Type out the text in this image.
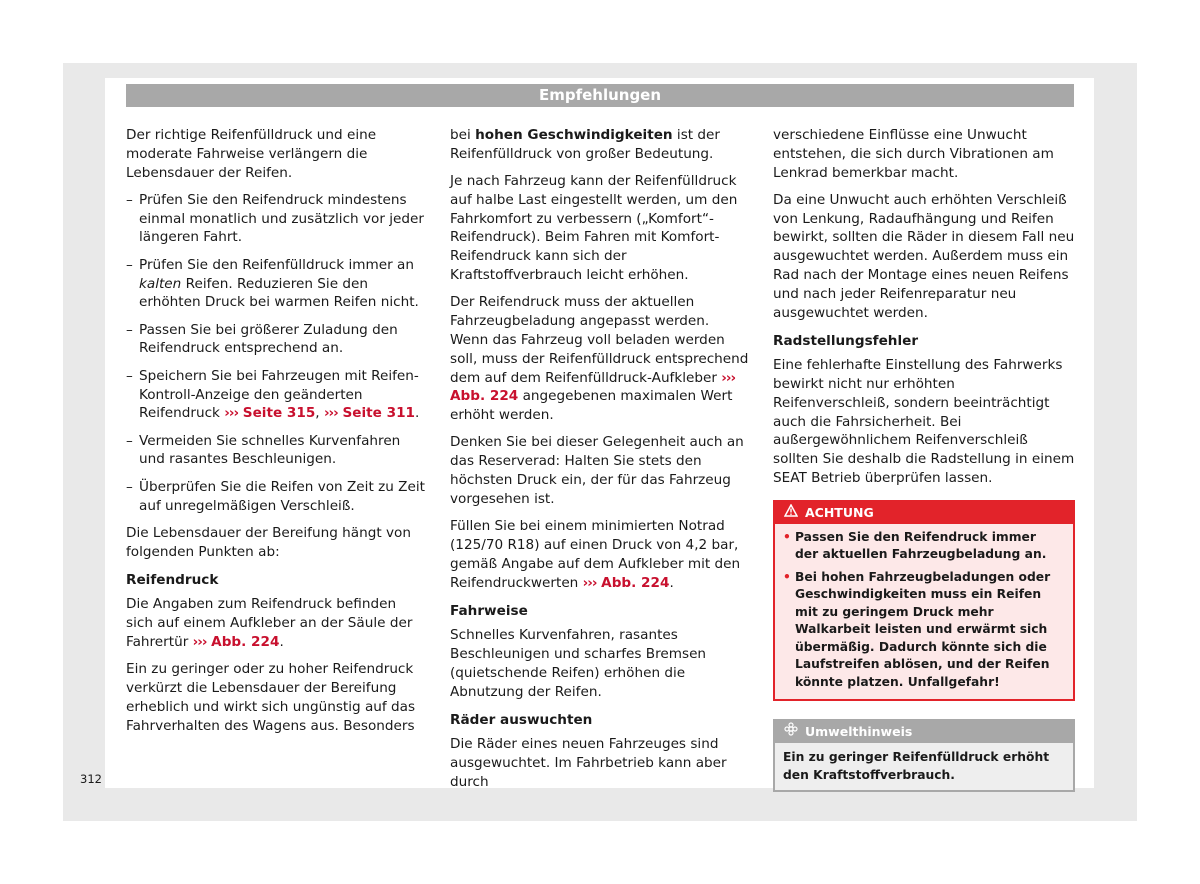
Empfehlungen

Der richtige Reifenfülldruck und eine moderate Fahrweise verlängern die Lebensdauer der Reifen.

– Prüfen Sie den Reifendruck mindestens einmal monatlich und zusätzlich vor jeder längeren Fahrt.
– Prüfen Sie den Reifenfülldruck immer an kalten Reifen. Reduzieren Sie den erhöhten Druck bei warmen Reifen nicht.
– Passen Sie bei größerer Zuladung den Reifendruck entsprechend an.
– Speichern Sie bei Fahrzeugen mit Reifen-Kontroll-Anzeige den geänderten Reifendruck ››› Seite 315, ››› Seite 311.
– Vermeiden Sie schnelles Kurvenfahren und rasantes Beschleunigen.
– Überprüfen Sie die Reifen von Zeit zu Zeit auf unregelmäßigen Verschleiß.

Die Lebensdauer der Bereifung hängt von folgenden Punkten ab:

Reifendruck

Die Angaben zum Reifendruck befinden sich auf einem Aufkleber an der Säule der Fahrertür ››› Abb. 224.

Ein zu geringer oder zu hoher Reifendruck verkürzt die Lebensdauer der Bereifung erheblich und wirkt sich ungünstig auf das Fahrverhalten des Wagens aus. Besonders

bei hohen Geschwindigkeiten ist der Reifenfülldruck von großer Bedeutung.

Je nach Fahrzeug kann der Reifenfülldruck auf halbe Last eingestellt werden, um den Fahrkomfort zu verbessern („Komfort“-Reifendruck). Beim Fahren mit Komfort-Reifendruck kann sich der Kraftstoffverbrauch leicht erhöhen.

Der Reifendruck muss der aktuellen Fahrzeugbeladung angepasst werden. Wenn das Fahrzeug voll beladen werden soll, muss der Reifenfülldruck entsprechend dem auf dem Reifenfülldruck-Aufkleber ››› Abb. 224 angegebenen maximalen Wert erhöht werden.

Denken Sie bei dieser Gelegenheit auch an das Reserverad: Halten Sie stets den höchsten Druck ein, der für das Fahrzeug vorgesehen ist.

Füllen Sie bei einem minimierten Notrad (125/70 R18) auf einen Druck von 4,2 bar, gemäß Angabe auf dem Aufkleber mit den Reifendruckwerten ››› Abb. 224.

Fahrweise

Schnelles Kurvenfahren, rasantes Beschleunigen und scharfes Bremsen (quietschende Reifen) erhöhen die Abnutzung der Reifen.

Räder auswuchten

Die Räder eines neuen Fahrzeuges sind ausgewuchtet. Im Fahrbetrieb kann aber durch

verschiedene Einflüsse eine Unwucht entstehen, die sich durch Vibrationen am Lenkrad bemerkbar macht.

Da eine Unwucht auch erhöhten Verschleiß von Lenkung, Radaufhängung und Reifen bewirkt, sollten die Räder in diesem Fall neu ausgewuchtet werden. Außerdem muss ein Rad nach der Montage eines neuen Reifens und nach jeder Reifenreparatur neu ausgewuchtet werden.

Radstellungsfehler

Eine fehlerhafte Einstellung des Fahrwerks bewirkt nicht nur erhöhten Reifenverschleiß, sondern beeinträchtigt auch die Fahrsicherheit. Bei außergewöhnlichem Reifenverschleiß sollten Sie deshalb die Radstellung in einem SEAT Betrieb überprüfen lassen.

ACHTUNG
• Passen Sie den Reifendruck immer der aktuellen Fahrzeugbeladung an.
• Bei hohen Fahrzeugbeladungen oder Geschwindigkeiten muss ein Reifen mit zu geringem Druck mehr Walkarbeit leisten und erwärmt sich übermäßig. Dadurch könnte sich die Laufstreifen ablösen, und der Reifen könnte platzen. Unfallgefahr!
Umwelthinweis
Ein zu geringer Reifenfülldruck erhöht den Kraftstoffverbrauch.
312
